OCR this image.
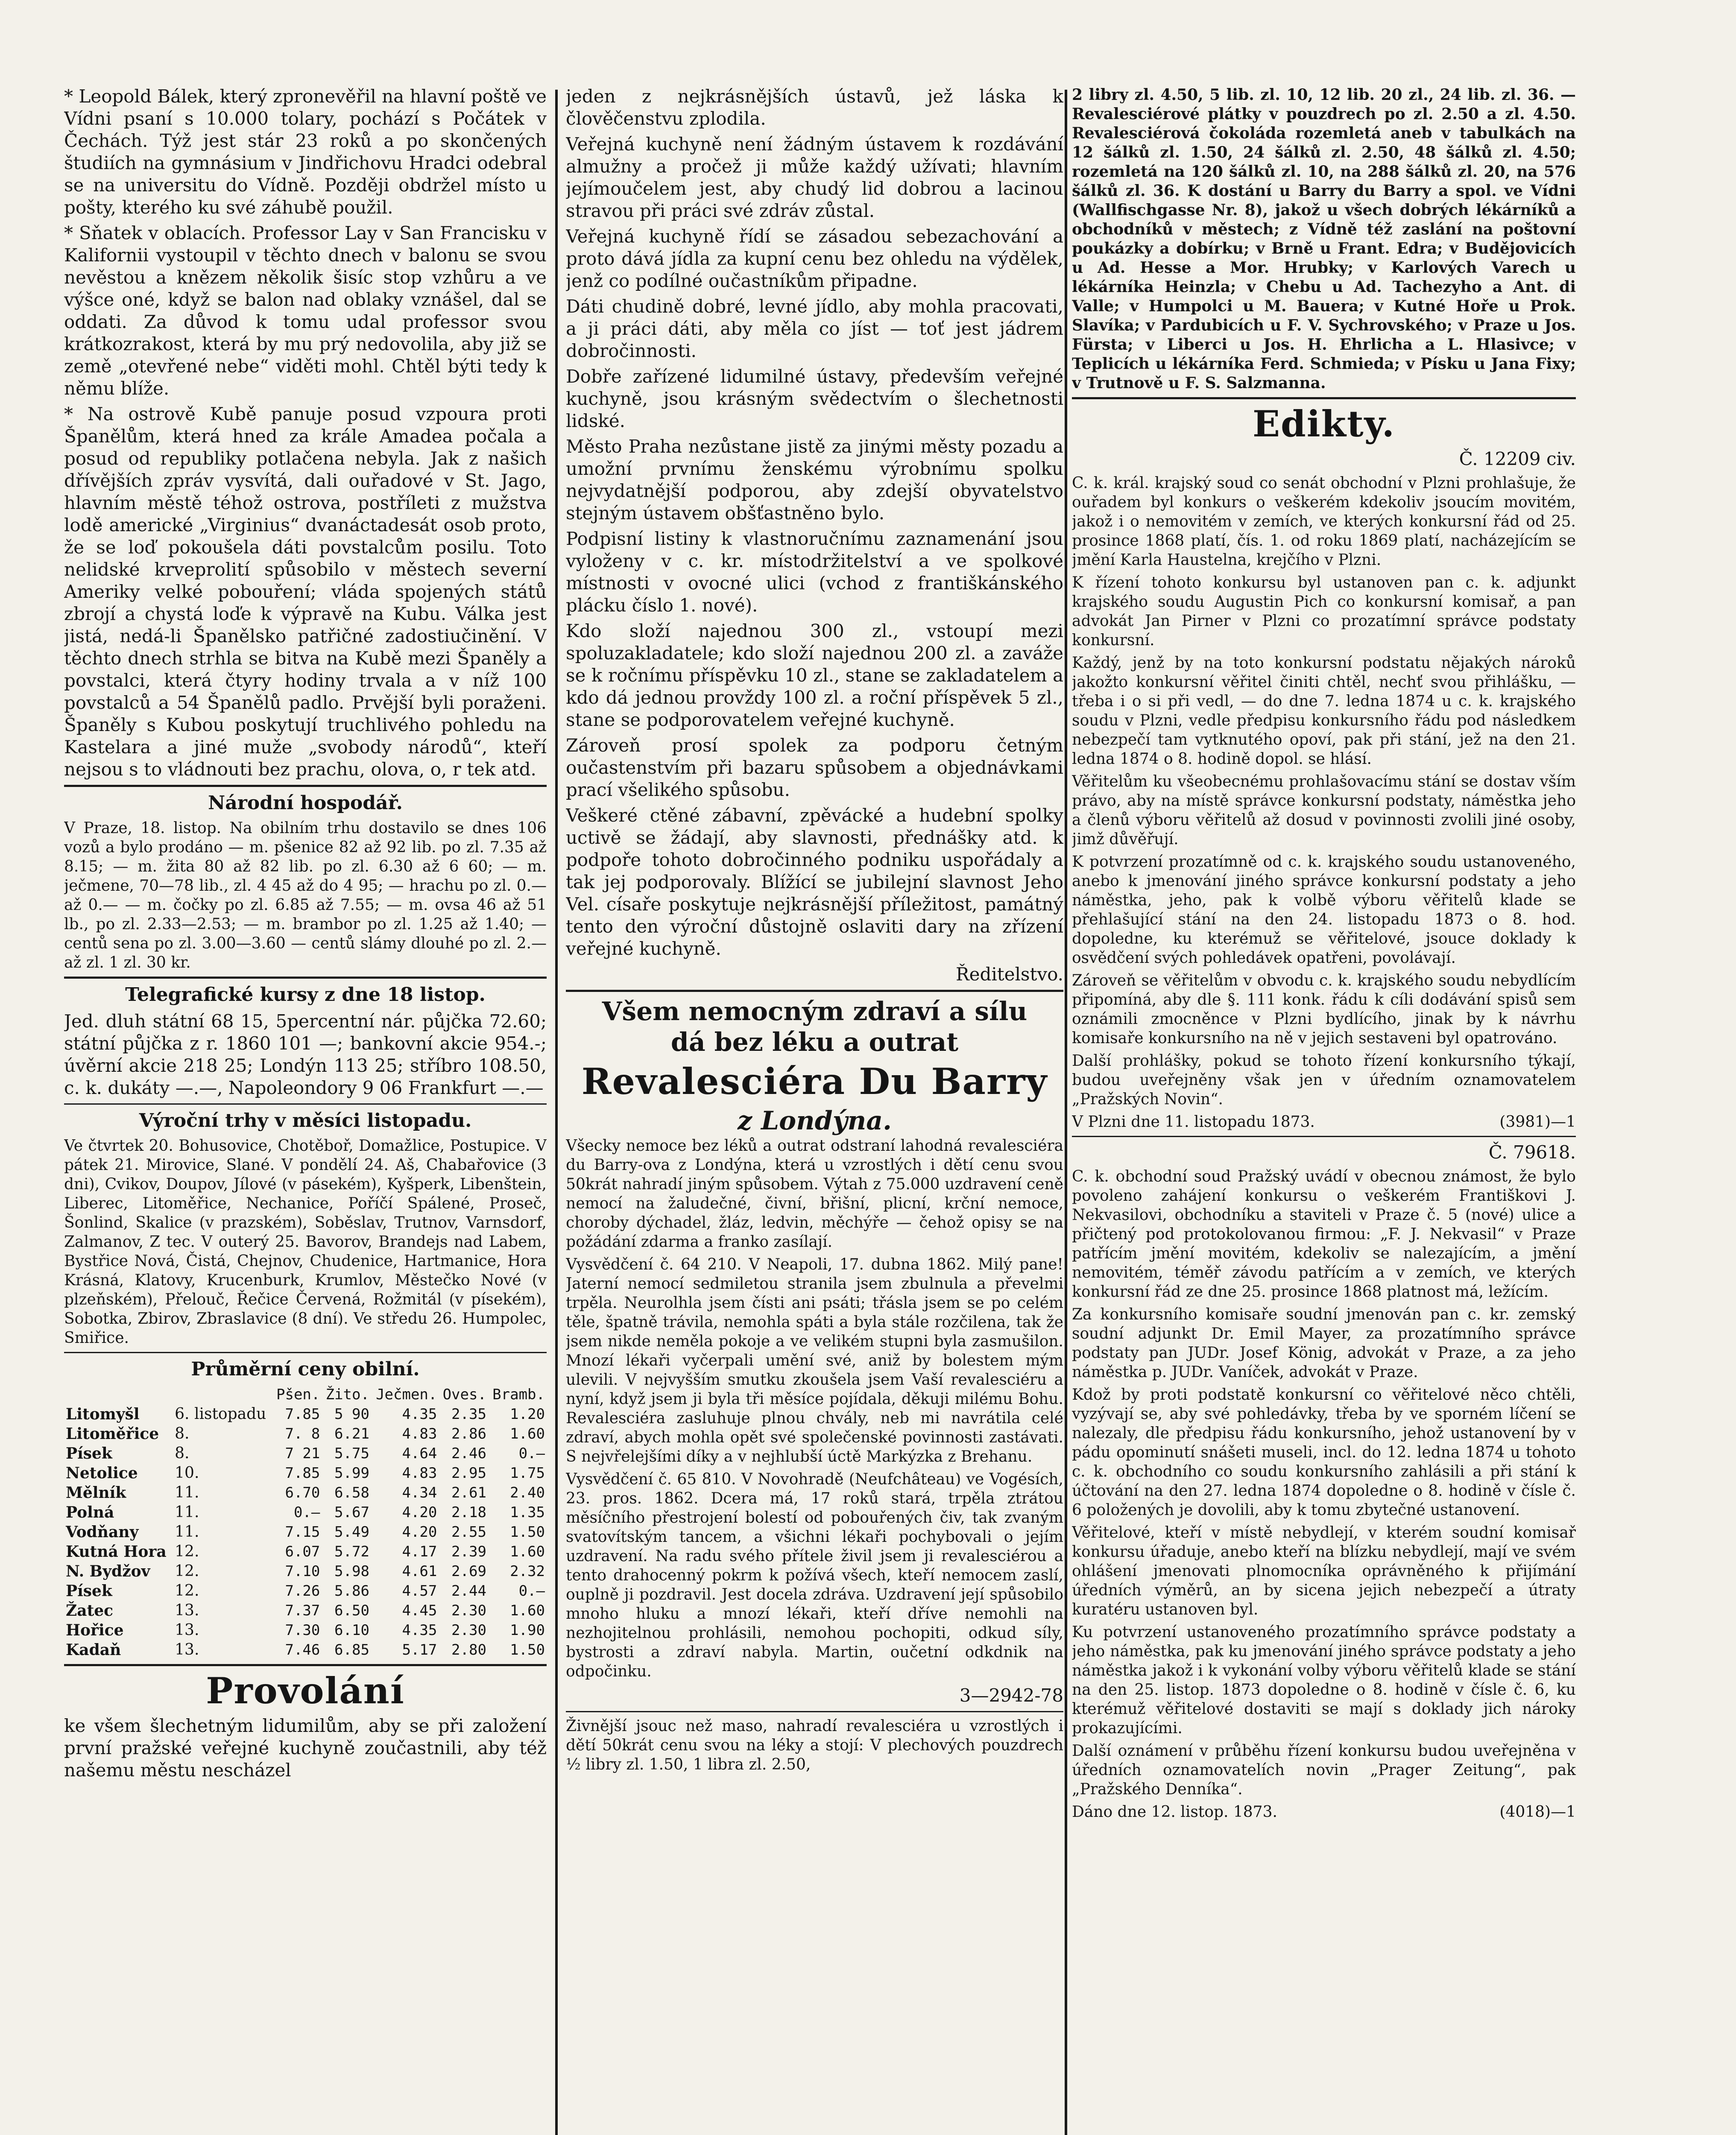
* Leopold Bálek, který zpronevěřil na hlavní poště ve Vídni psaní s 10.000 tolary, pochází s Počátek v Čechách. Týž jest stár 23 roků a po skončených študiích na gymnásium v Jindřichovu Hradci odebral se na universitu do Vídně. Později obdržel místo u pošty, kterého ku své záhubě použil.

* Sňatek v oblacích. Professor Lay v San Francisku v Kalifornii vystoupil v těchto dnech v balonu se svou nevěstou a knězem několik šisíc stop vzhůru a ve výšce oné, když se balon nad oblaky vznášel, dal se oddati. Za důvod k tomu udal professor svou krátkozrakost, která by mu prý nedovolila, aby již se země „otevřené nebe“ viděti mohl. Chtěl býti tedy k němu blíže.

* Na ostrově Kubě panuje posud vzpoura proti Španělům, která hned za krále Amadea počala a posud od republiky potlačena nebyla. Jak z našich dřívějších zpráv vysvítá, dali ouřadové v St. Jago, hlavním městě téhož ostrova, postříleti z mužstva lodě americké „Virginius“ dvanáctadesát osob proto, že se loď pokoušela dáti povstalcům posilu. Toto nelidské krveprolití spůsobilo v městech severní Ameriky velké pobouření; vláda spojených států zbrojí a chystá loďe k výpravě na Kubu. Válka jest jistá, nedá-li Španělsko patřičné zadostiučinění. V těchto dnech strhla se bitva na Kubě mezi Španěly a povstalci, která čtyry hodiny trvala a v níž 100 povstalců a 54 Španělů padlo. Prvější byli poraženi. Španěly s Kubou poskytují truchlivého pohledu na Kastelara a jiné muže „svobody národů“, kteří nejsou s to vládnouti bez prachu, olova, o, r tek atd.

Národní hospodář.

V Praze, 18. listop. Na obilním trhu dostavilo se dnes 106 vozů a bylo prodáno — m. pšenice 82 až 92 lib. po zl. 7.35 až 8.15; — m. žita 80 až 82 lib. po zl. 6.30 až 6 60; — m. ječmene, 70—78 lib., zl. 4 45 až do 4 95; — hrachu po zl. 0.— až 0.— — m. čočky po zl. 6.85 až 7.55; — m. ovsa 46 až 51 lb., po zl. 2.33—2.53; — m. brambor po zl. 1.25 až 1.40; — centů sena po zl. 3.00—3.60 — centů slámy dlouhé po zl. 2.— až zl. 1 zl. 30 kr.

Telegrafické kursy z dne 18 listop.

Jed. dluh státní 68 15, 5percentní nár. půjčka 72.60; státní půjčka z r. 1860 101 —; bankovní akcie 954.-; úvěrní akcie 218 25; Londýn 113 25; stříbro 108.50, c. k. dukáty —.—, Napoleondory 9 06 Frankfurt —.—

Výroční trhy v měsíci listopadu.

Ve čtvrtek 20. Bohusovice, Chotěboř, Domažlice, Postupice. V pátek 21. Mirovice, Slané. V pondělí 24. Aš, Chabařovice (3 dni), Cvikov, Doupov, Jílové (v pásekém), Kyšperk, Libenštein, Liberec, Litoměřice, Nechanice, Poříčí Spálené, Proseč, Šonlind, Skalice (v prazském), Soběslav, Trutnov, Varnsdorf, Zalmanov, Z tec. V outerý 25. Bavorov, Brandejs nad Labem, Bystřice Nová, Čistá, Chejnov, Chudenice, Hartmanice, Hora Krásná, Klatovy, Krucenburk, Krumlov, Městečko Nové (v plzeňském), Přelouč, Řečice Červená, Rožmitál (v písekém), Sobotka, Zbirov, Zbraslavice (8 dní). Ve středu 26. Humpolec, Smiřice.

Průměrní ceny obilní.
		Pšen.	Žito.	Ječmen.	Oves.	Bramb.
Litomyšl	6. listopadu	7.85	5 90	4.35	2.35	1.20
Litoměřice	8.	7. 8	6.21	4.83	2.86	1.60
Písek	8.	7 21	5.75	4.64	2.46	0.—
Netolice	10.	7.85	5.99	4.83	2.95	1.75
Mělník	11.	6.70	6.58	4.34	2.61	2.40
Polná	11.	0.—	5.67	4.20	2.18	1.35
Vodňany	11.	7.15	5.49	4.20	2.55	1.50
Kutná Hora	12.	6.07	5.72	4.17	2.39	1.60
N. Bydžov	12.	7.10	5.98	4.61	2.69	2.32
Písek	12.	7.26	5.86	4.57	2.44	0.—
Žatec	13.	7.37	6.50	4.45	2.30	1.60
Hořice	13.	7.30	6.10	4.35	2.30	1.90
Kadaň	13.	7.46	6.85	5.17	2.80	1.50
Provolání

ke všem šlechetným lidumilům, aby se při založení první pražské veřejné kuchyně zoučastnili, aby též našemu městu nescházel

jeden z nejkrásnějších ústavů, jež láska k člověčenstvu zplodila.

Veřejná kuchyně není žádným ústavem k rozdávání almužny a pročež ji může každý užívati; hlavním jejímoučelem jest, aby chudý lid dobrou a lacinou stravou při práci své zdráv zůstal.

Veřejná kuchyně řídí se zásadou sebezachování a proto dává jídla za kupní cenu bez ohledu na výdělek, jenž co podílné oučastníkům připadne.

Dáti chudině dobré, levné jídlo, aby mohla pracovati, a ji práci dáti, aby měla co jíst — toť jest jádrem dobročinnosti.

Dobře zařízené lidumilné ústavy, především veřejné kuchyně, jsou krásným svědectvím o šlechetnosti lidské.

Město Praha nezůstane jistě za jinými městy pozadu a umožní prvnímu ženskému výrobnímu spolku nejvydatnější podporou, aby zdejší obyvatelstvo stejným ústavem obšťastněno bylo.

Podpisní listiny k vlastnoručnímu zaznamenání jsou vyloženy v c. kr. místodržitelství a ve spolkové místnosti v ovocné ulici (vchod z františkánského plácku číslo 1. nové).

Kdo složí najednou 300 zl., vstoupí mezi spoluzakladatele; kdo složí najednou 200 zl. a zaváže se k ročnímu příspěvku 10 zl., stane se zakladatelem a kdo dá jednou provždy 100 zl. a roční příspěvek 5 zl., stane se podporovatelem veřejné kuchyně.

Zároveň prosí spolek za podporu četným oučastenstvím při bazaru spůsobem a objednávkami prací všelikého spůsobu.

Veškeré ctěné zábavní, zpěvácké a hudební spolky uctivě se žádají, aby slavnosti, přednášky atd. k podpoře tohoto dobročinného podniku uspořádaly a tak jej podporovaly. Blížící se jubilejní slavnost Jeho Vel. císaře poskytuje nejkrásnější příležitost, památný tento den výroční důstojně oslaviti dary na zřízení veřejné kuchyně.

Ředitelstvo.
Všem nemocným zdraví a sílu
dá bez léku a outrat
Revalesciéra Du Barry
z Londýna.

Všecky nemoce bez léků a outrat odstraní lahodná revalesciéra du Barry-ova z Londýna, která u vzrostlých i dětí cenu svou 50krát nahradí jiným spůsobem. Výtah z 75.000 uzdravení ceně nemocí na žaludečné, čivní, břišní, plicní, krční nemoce, choroby dýchadel, žláz, ledvin, měchýře — čehož opisy se na požádání zdarma a franko zasílají.

Vysvědčení č. 64 210. V Neapoli, 17. dubna 1862. Milý pane! Jaterní nemocí sedmiletou stranila jsem zbulnula a převelmi trpěla. Neurolhla jsem čísti ani psáti; třásla jsem se po celém těle, špatně trávila, nemohla spáti a byla stále rozčilena, tak že jsem nikde neměla pokoje a ve velikém stupni byla zasmušilon. Mnozí lékaři vyčerpali umění své, aniž by bolestem mým ulevili. V nejvyšším smutku zkoušela jsem Vaší revalesciéru a nyní, když jsem ji byla tři měsíce pojídala, děkuji milému Bohu. Revalesciéra zasluhuje plnou chvály, neb mi navrátila celé zdraví, abych mohla opět své společenské povinnosti zastávati. S nejvřelejšími díky a v nejhlubší úctě Markýzka z Brehanu.

Vysvědčení č. 65 810. V Novohradě (Neufchâteau) ve Vogésích, 23. pros. 1862. Dcera má, 17 roků stará, trpěla ztrátou měsíčního přestrojení bolestí od pobouřených čiv, tak zvaným svatovítským tancem, a všichni lékaři pochybovali o jejím uzdravení. Na radu svého přítele živil jsem ji revalesciérou a tento drahocenný pokrm k požívá všech, kteří nemocem zaslí, ouplně ji pozdravil. Jest docela zdráva. Uzdravení její spůsobilo mnoho hluku a mnozí lékaři, kteří dříve nemohli na nezhojitelnou prohlásili, nemohou pochopiti, odkud síly, bystrosti a zdraví nabyla. Martin, oučetní odkdnik na odpočinku.

3—2942-78

Živnější jsouc než maso, nahradí revalesciéra u vzrostlých i dětí 50krát cenu svou na léky a stojí: V plechových pouzdrech ½ libry zl. 1.50, 1 libra zl. 2.50,

2 libry zl. 4.50, 5 lib. zl. 10, 12 lib. 20 zl., 24 lib. zl. 36. — Revalesciérové plátky v pouzdrech po zl. 2.50 a zl. 4.50. Revalesciérová čokoláda rozemletá aneb v tabulkách na 12 šálků zl. 1.50, 24 šálků zl. 2.50, 48 šálků zl. 4.50; rozemletá na 120 šálků zl. 10, na 288 šálků zl. 20, na 576 šálků zl. 36. K dostání u Barry du Barry a spol. ve Vídni (Wallfischgasse Nr. 8), jakož u všech dobrých lékárníků a obchodníků v městech; z Vídně též zaslání na poštovní poukázky a dobírku; v Brně u Frant. Edra; v Budějovicích u Ad. Hesse a Mor. Hrubky; v Karlových Varech u lékárníka Heinzla; v Chebu u Ad. Tachezyho a Ant. di Valle; v Humpolci u M. Bauera; v Kutné Hoře u Prok. Slavíka; v Pardubicích u F. V. Sychrovského; v Praze u Jos. Fürsta; v Liberci u Jos. H. Ehrlicha a L. Hlasivce; v Teplicích u lékárníka Ferd. Schmieda; v Písku u Jana Fixy; v Trutnově u F. S. Salzmanna.

Edikty.
Č. 12209 civ.

C. k. král. krajský soud co senát obchodní v Plzni prohlašuje, že ouřadem byl konkurs o veškerém kdekoliv jsoucím movitém, jakož i o nemovitém v zemích, ve kterých konkursní řád od 25. prosince 1868 platí, čís. 1. od roku 1869 platí, nacházejícím se jmění Karla Haustelna, krejčího v Plzni.

K řízení tohoto konkursu byl ustanoven pan c. k. adjunkt krajského soudu Augustin Pich co konkursní komisař, a pan advokát Jan Pirner v Plzni co prozatímní správce podstaty konkursní.

Každý, jenž by na toto konkursní podstatu nějakých nároků jakožto konkursní věřitel činiti chtěl, nechť svou přihlášku, — třeba i o si při vedl, — do dne 7. ledna 1874 u c. k. krajského soudu v Plzni, vedle předpisu konkursního řádu pod následkem nebezpečí tam vytknutého opoví, pak při stání, jež na den 21. ledna 1874 o 8. hodině dopol. se hlásí.

Věřitelům ku všeobecnému prohlašovacímu stání se dostav vším právo, aby na místě správce konkursní podstaty, náměstka jeho a členů výboru věřitelů až dosud v povinnosti zvolili jiné osoby, jimž důvěřují.

K potvrzení prozatímně od c. k. krajského soudu ustanoveného, anebo k jmenování jiného správce konkursní podstaty a jeho náměstka, jeho, pak k volbě výboru věřitelů klade se přehlašující stání na den 24. listopadu 1873 o 8. hod. dopoledne, ku kterémuž se věřitelové, jsouce doklady k osvědčení svých pohledávek opatřeni, povolávají.

Zároveň se věřitelům v obvodu c. k. krajského soudu nebydlícím připomíná, aby dle §. 111 konk. řádu k cíli dodávání spisů sem oznámili zmocněnce v Plzni bydlícího, jinak by k návrhu komisaře konkursního na ně v jejich sestaveni byl opatrováno.

Další prohlášky, pokud se tohoto řízení konkursního týkají, budou uveřejněny však jen v úředním oznamovatelem „Pražských Novin“.

V Plzni dne 11. listopadu 1873.	(3981)—1

Č. 79618.

C. k. obchodní soud Pražský uvádí v obecnou známost, že bylo povoleno zahájení konkursu o veškerém Františkovi J. Nekvasilovi, obchodníku a staviteli v Praze č. 5 (nové) ulice a přičtený pod protokolovanou firmou: „F. J. Nekvasil“ v Praze patřícím jmění movitém, kdekoliv se nalezajícím, a jmění nemovitém, téměř závodu patřícím a v zemích, ve kterých konkursní řád ze dne 25. prosince 1868 platnost má, ležícím.

Za konkursního komisaře soudní jmenován pan c. kr. zemský soudní adjunkt Dr. Emil Mayer, za prozatímního správce podstaty pan JUDr. Josef König, advokát v Praze, a za jeho náměstka p. JUDr. Vaníček, advokát v Praze.

Kdož by proti podstatě konkursní co věřitelové něco chtěli, vyzývají se, aby své pohledávky, třeba by ve sporném líčení se nalezaly, dle předpisu řádu konkursního, jehož ustanovení by v pádu opominutí snášeti museli, incl. do 12. ledna 1874 u tohoto c. k. obchodního co soudu konkursního zahlásili a při stání k účtování na den 27. ledna 1874 dopoledne o 8. hodině v čísle č. 6 položených je dovolili, aby k tomu zbytečné ustanovení.

Věřitelové, kteří v místě nebydlejí, v kterém soudní komisař konkursu úřaduje, anebo kteří na blízku nebydlejí, mají ve svém ohlášení jmenovati plnomocníka oprávněného k přijímání úředních výměrů, an by sicena jejich nebezpečí a útraty kuratéru ustanoven byl.

Ku potvrzení ustanoveného prozatímního správce podstaty a jeho náměstka, pak ku jmenování jiného správce podstaty a jeho náměstka jakož i k vykonání volby výboru věřitelů klade se stání na den 25. listop. 1873 dopoledne o 8. hodině v čísle č. 6, ku kterémuž věřitelové dostaviti se mají s doklady jich nároky prokazujícími.

Další oznámení v průběhu řízení konkursu budou uveřejněna v úředních oznamovatelích novin „Prager Zeitung“, pak „Pražského Denníka“.

Dáno dne 12. listop. 1873.	(4018)—1
